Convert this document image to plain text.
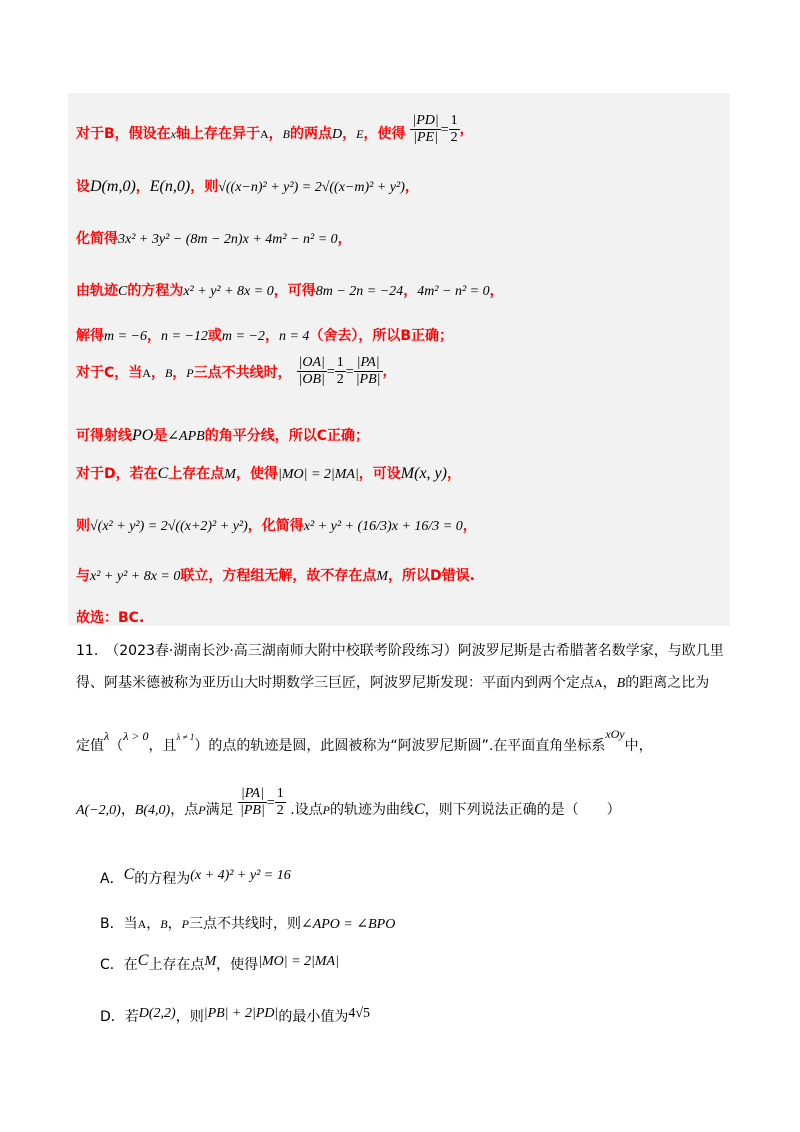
对于B，假设在x轴上存在异于A，B的两点D，E，使得 $\frac{|PD|}{|PE|} = \frac{1}{2}$ ，
设D(m,0)，E(n,0)，则√((x−n)² + y²) = 2√((x−m)² + y²)，
化简得3x² + 3y² − (8m − 2n)x + 4m² − n² = 0，
由轨迹C的方程为x² + y² + 8x = 0，可得8m − 2n = −24，4m² − n² = 0，
解得m = −6，n = −12或m = −2，n = 4（舍去），所以B正确；
对于C，当A，B，P三点不共线时， $\frac{|OA|}{|OB|} = \frac{1}{2} = \frac{|PA|}{|PB|}$ ，
可得射线PO是∠APB的角平分线，所以C正确；
对于D，若在C上存在点M，使得|MO| = 2|MA|，可设M(x, y)，
则√(x² + y²) = 2√((x+2)² + y²)，化简得x² + y² + (16/3)x + 16/3 = 0，
与x² + y² + 8x = 0联立，方程组无解，故不存在点M，所以D错误.
故选：BC.
11.　（2023春·湖南长沙·高三湖南师大附中校联考阶段练习）阿波罗尼斯是古希腊著名数学家，与欧几里
得、阿基米德被称为亚历山大时期数学三巨匠，阿波罗尼斯发现：平面内到两个定点A，B的距离之比为
定值λ（λ > 0，且$^{\lambda \ne 1}$）的点的轨迹是圆，此圆被称为“阿波罗尼斯圆”.在平面直角坐标系xOy中，
A(−2,0)，B(4,0)，点P满足 $\frac{|PA|}{|PB|} = \frac{1}{2}$ .设点P的轨迹为曲线C，则下列说法正确的是（　　）
A．C的方程为(x + 4)² + y² = 16
B．当A，B，P三点不共线时，则∠APO = ∠BPO
C．在C上存在点M，使得|MO| = 2|MA|
D．若D(2,2)，则|PB| + 2|PD|的最小值为4√5
